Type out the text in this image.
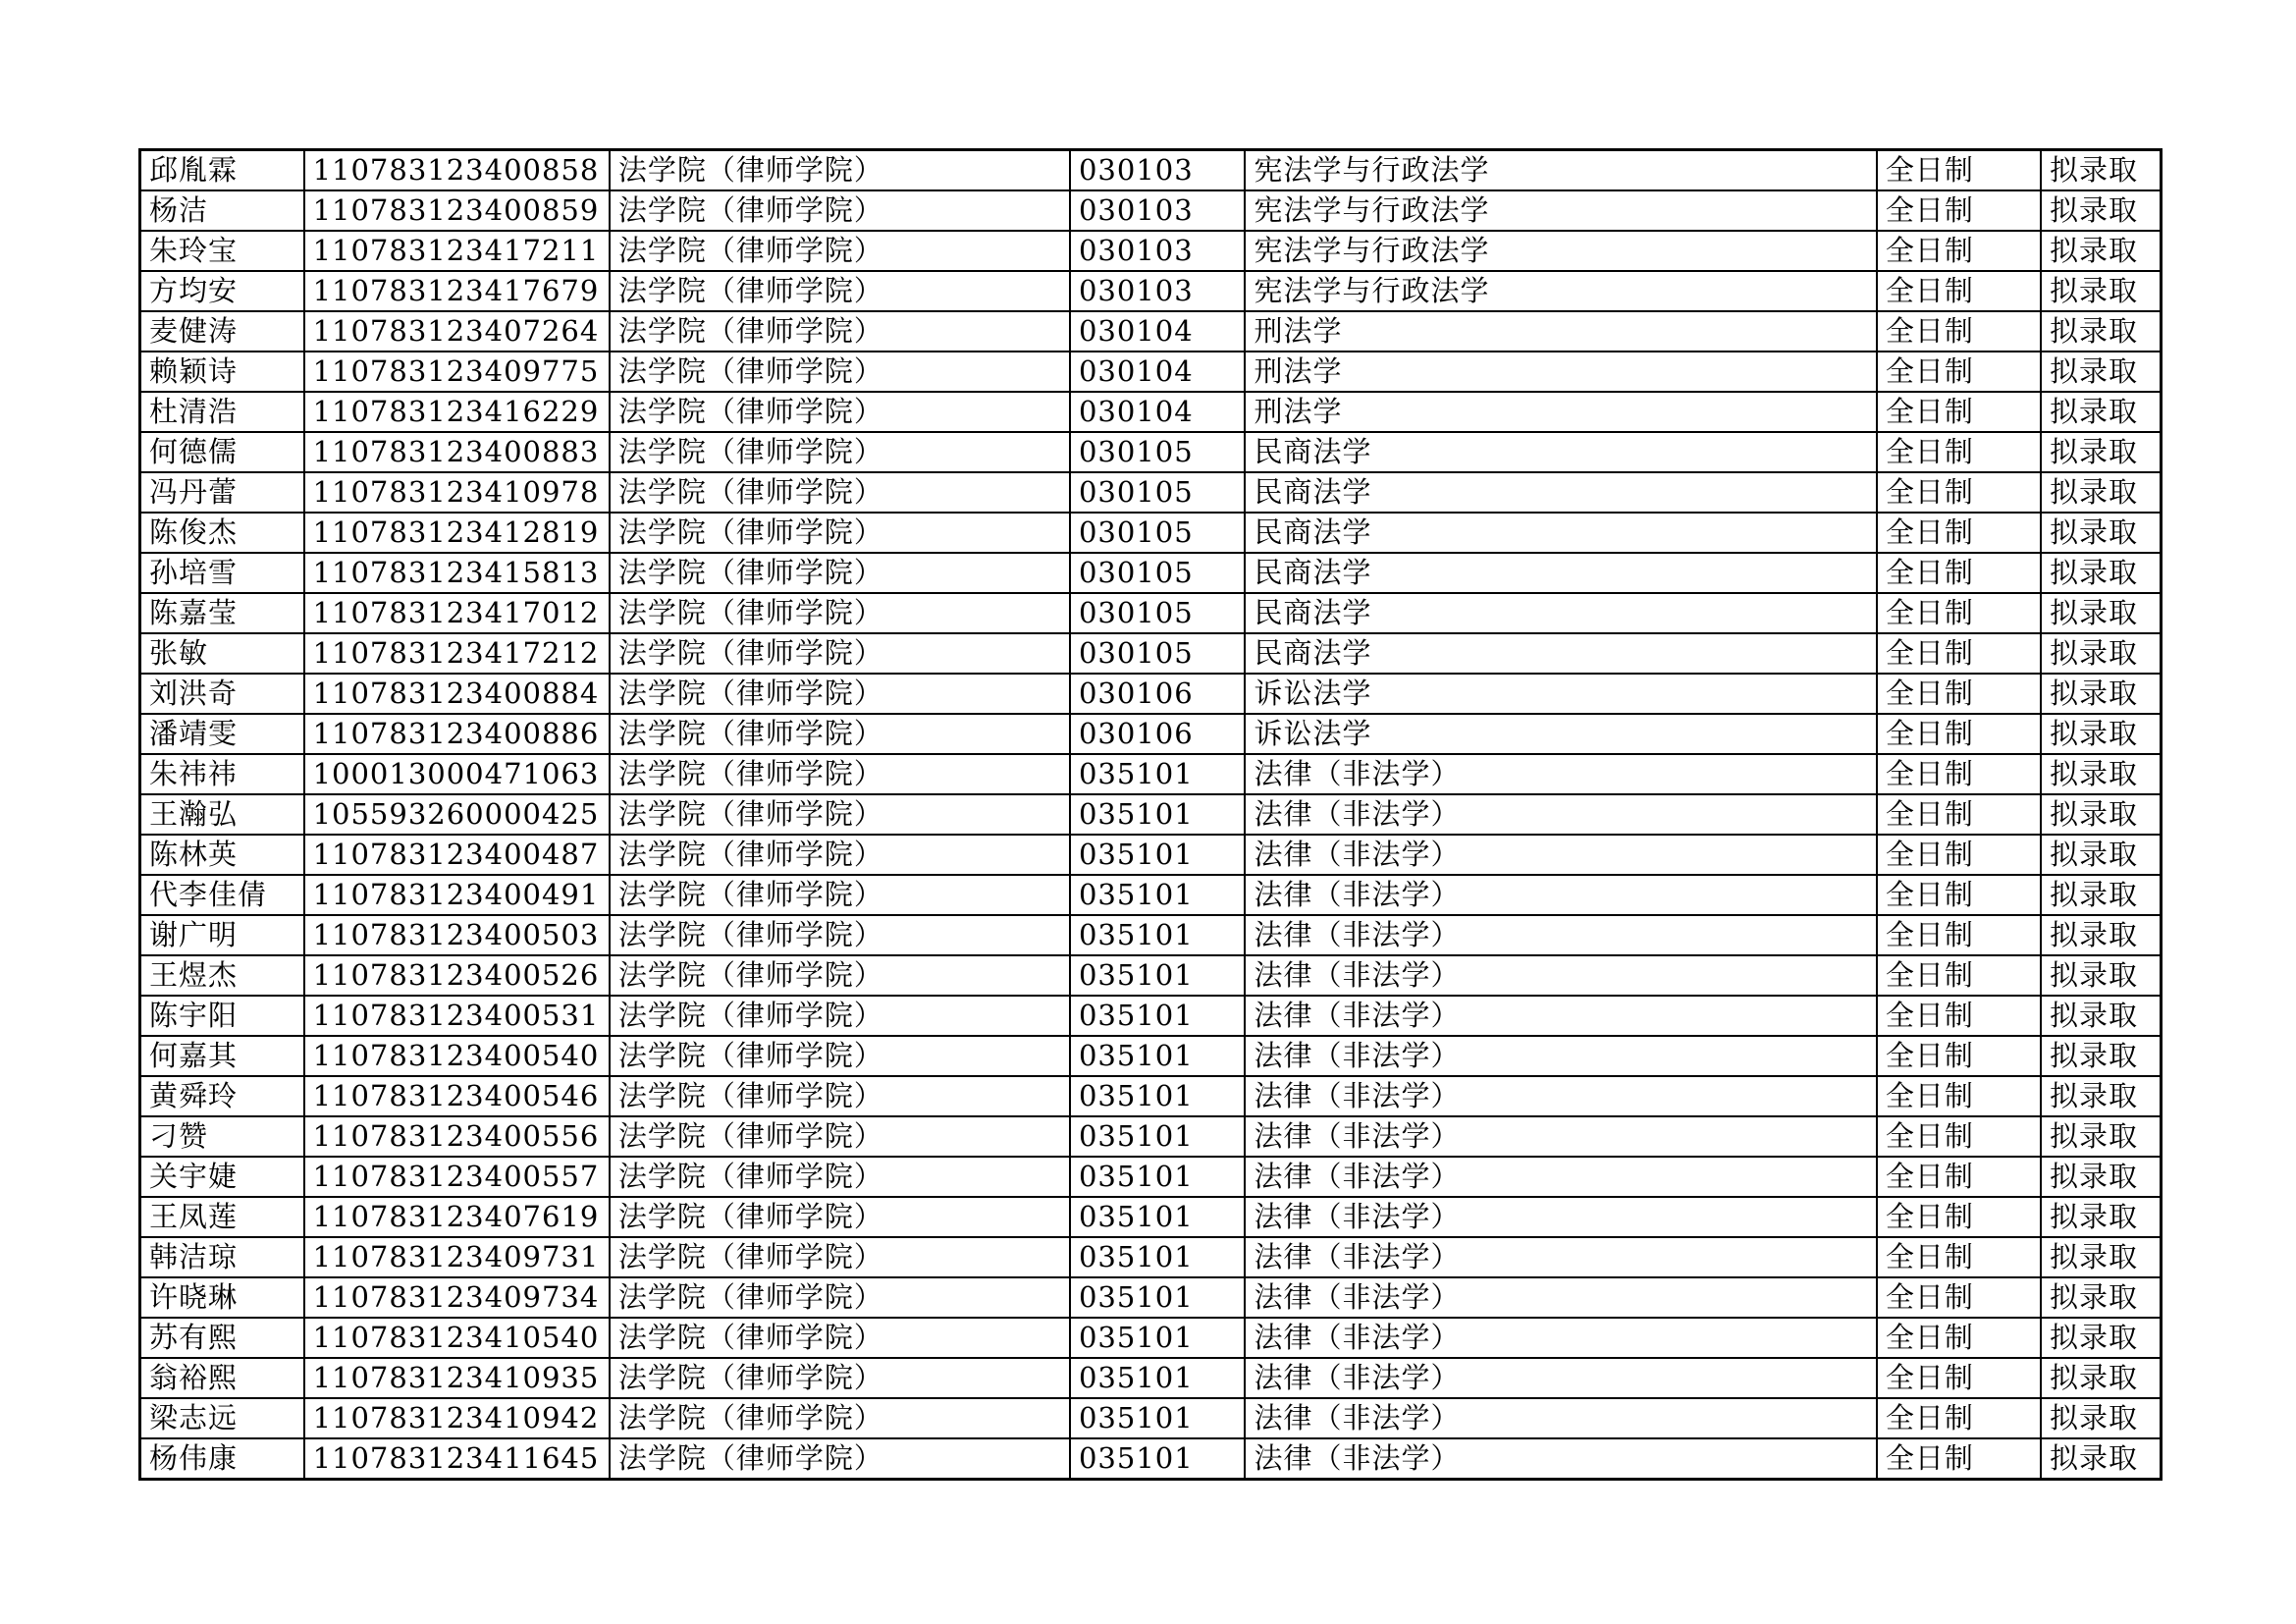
邱胤霖	110783123400858	法学院（律师学院）	030103	宪法学与行政法学	全日制	拟录取
杨洁	110783123400859	法学院（律师学院）	030103	宪法学与行政法学	全日制	拟录取
朱玲宝	110783123417211	法学院（律师学院）	030103	宪法学与行政法学	全日制	拟录取
方均安	110783123417679	法学院（律师学院）	030103	宪法学与行政法学	全日制	拟录取
麦健涛	110783123407264	法学院（律师学院）	030104	刑法学	全日制	拟录取
赖颖诗	110783123409775	法学院（律师学院）	030104	刑法学	全日制	拟录取
杜清浩	110783123416229	法学院（律师学院）	030104	刑法学	全日制	拟录取
何德儒	110783123400883	法学院（律师学院）	030105	民商法学	全日制	拟录取
冯丹蕾	110783123410978	法学院（律师学院）	030105	民商法学	全日制	拟录取
陈俊杰	110783123412819	法学院（律师学院）	030105	民商法学	全日制	拟录取
孙培雪	110783123415813	法学院（律师学院）	030105	民商法学	全日制	拟录取
陈嘉莹	110783123417012	法学院（律师学院）	030105	民商法学	全日制	拟录取
张敏	110783123417212	法学院（律师学院）	030105	民商法学	全日制	拟录取
刘洪奇	110783123400884	法学院（律师学院）	030106	诉讼法学	全日制	拟录取
潘靖雯	110783123400886	法学院（律师学院）	030106	诉讼法学	全日制	拟录取
朱祎祎	100013000471063	法学院（律师学院）	035101	法律（非法学）	全日制	拟录取
王瀚弘	105593260000425	法学院（律师学院）	035101	法律（非法学）	全日制	拟录取
陈林英	110783123400487	法学院（律师学院）	035101	法律（非法学）	全日制	拟录取
代李佳倩	110783123400491	法学院（律师学院）	035101	法律（非法学）	全日制	拟录取
谢广明	110783123400503	法学院（律师学院）	035101	法律（非法学）	全日制	拟录取
王煜杰	110783123400526	法学院（律师学院）	035101	法律（非法学）	全日制	拟录取
陈宇阳	110783123400531	法学院（律师学院）	035101	法律（非法学）	全日制	拟录取
何嘉其	110783123400540	法学院（律师学院）	035101	法律（非法学）	全日制	拟录取
黄舜玲	110783123400546	法学院（律师学院）	035101	法律（非法学）	全日制	拟录取
刁赞	110783123400556	法学院（律师学院）	035101	法律（非法学）	全日制	拟录取
关宇婕	110783123400557	法学院（律师学院）	035101	法律（非法学）	全日制	拟录取
王凤莲	110783123407619	法学院（律师学院）	035101	法律（非法学）	全日制	拟录取
韩洁琼	110783123409731	法学院（律师学院）	035101	法律（非法学）	全日制	拟录取
许晓琳	110783123409734	法学院（律师学院）	035101	法律（非法学）	全日制	拟录取
苏有熙	110783123410540	法学院（律师学院）	035101	法律（非法学）	全日制	拟录取
翁裕熙	110783123410935	法学院（律师学院）	035101	法律（非法学）	全日制	拟录取
梁志远	110783123410942	法学院（律师学院）	035101	法律（非法学）	全日制	拟录取
杨伟康	110783123411645	法学院（律师学院）	035101	法律（非法学）	全日制	拟录取
